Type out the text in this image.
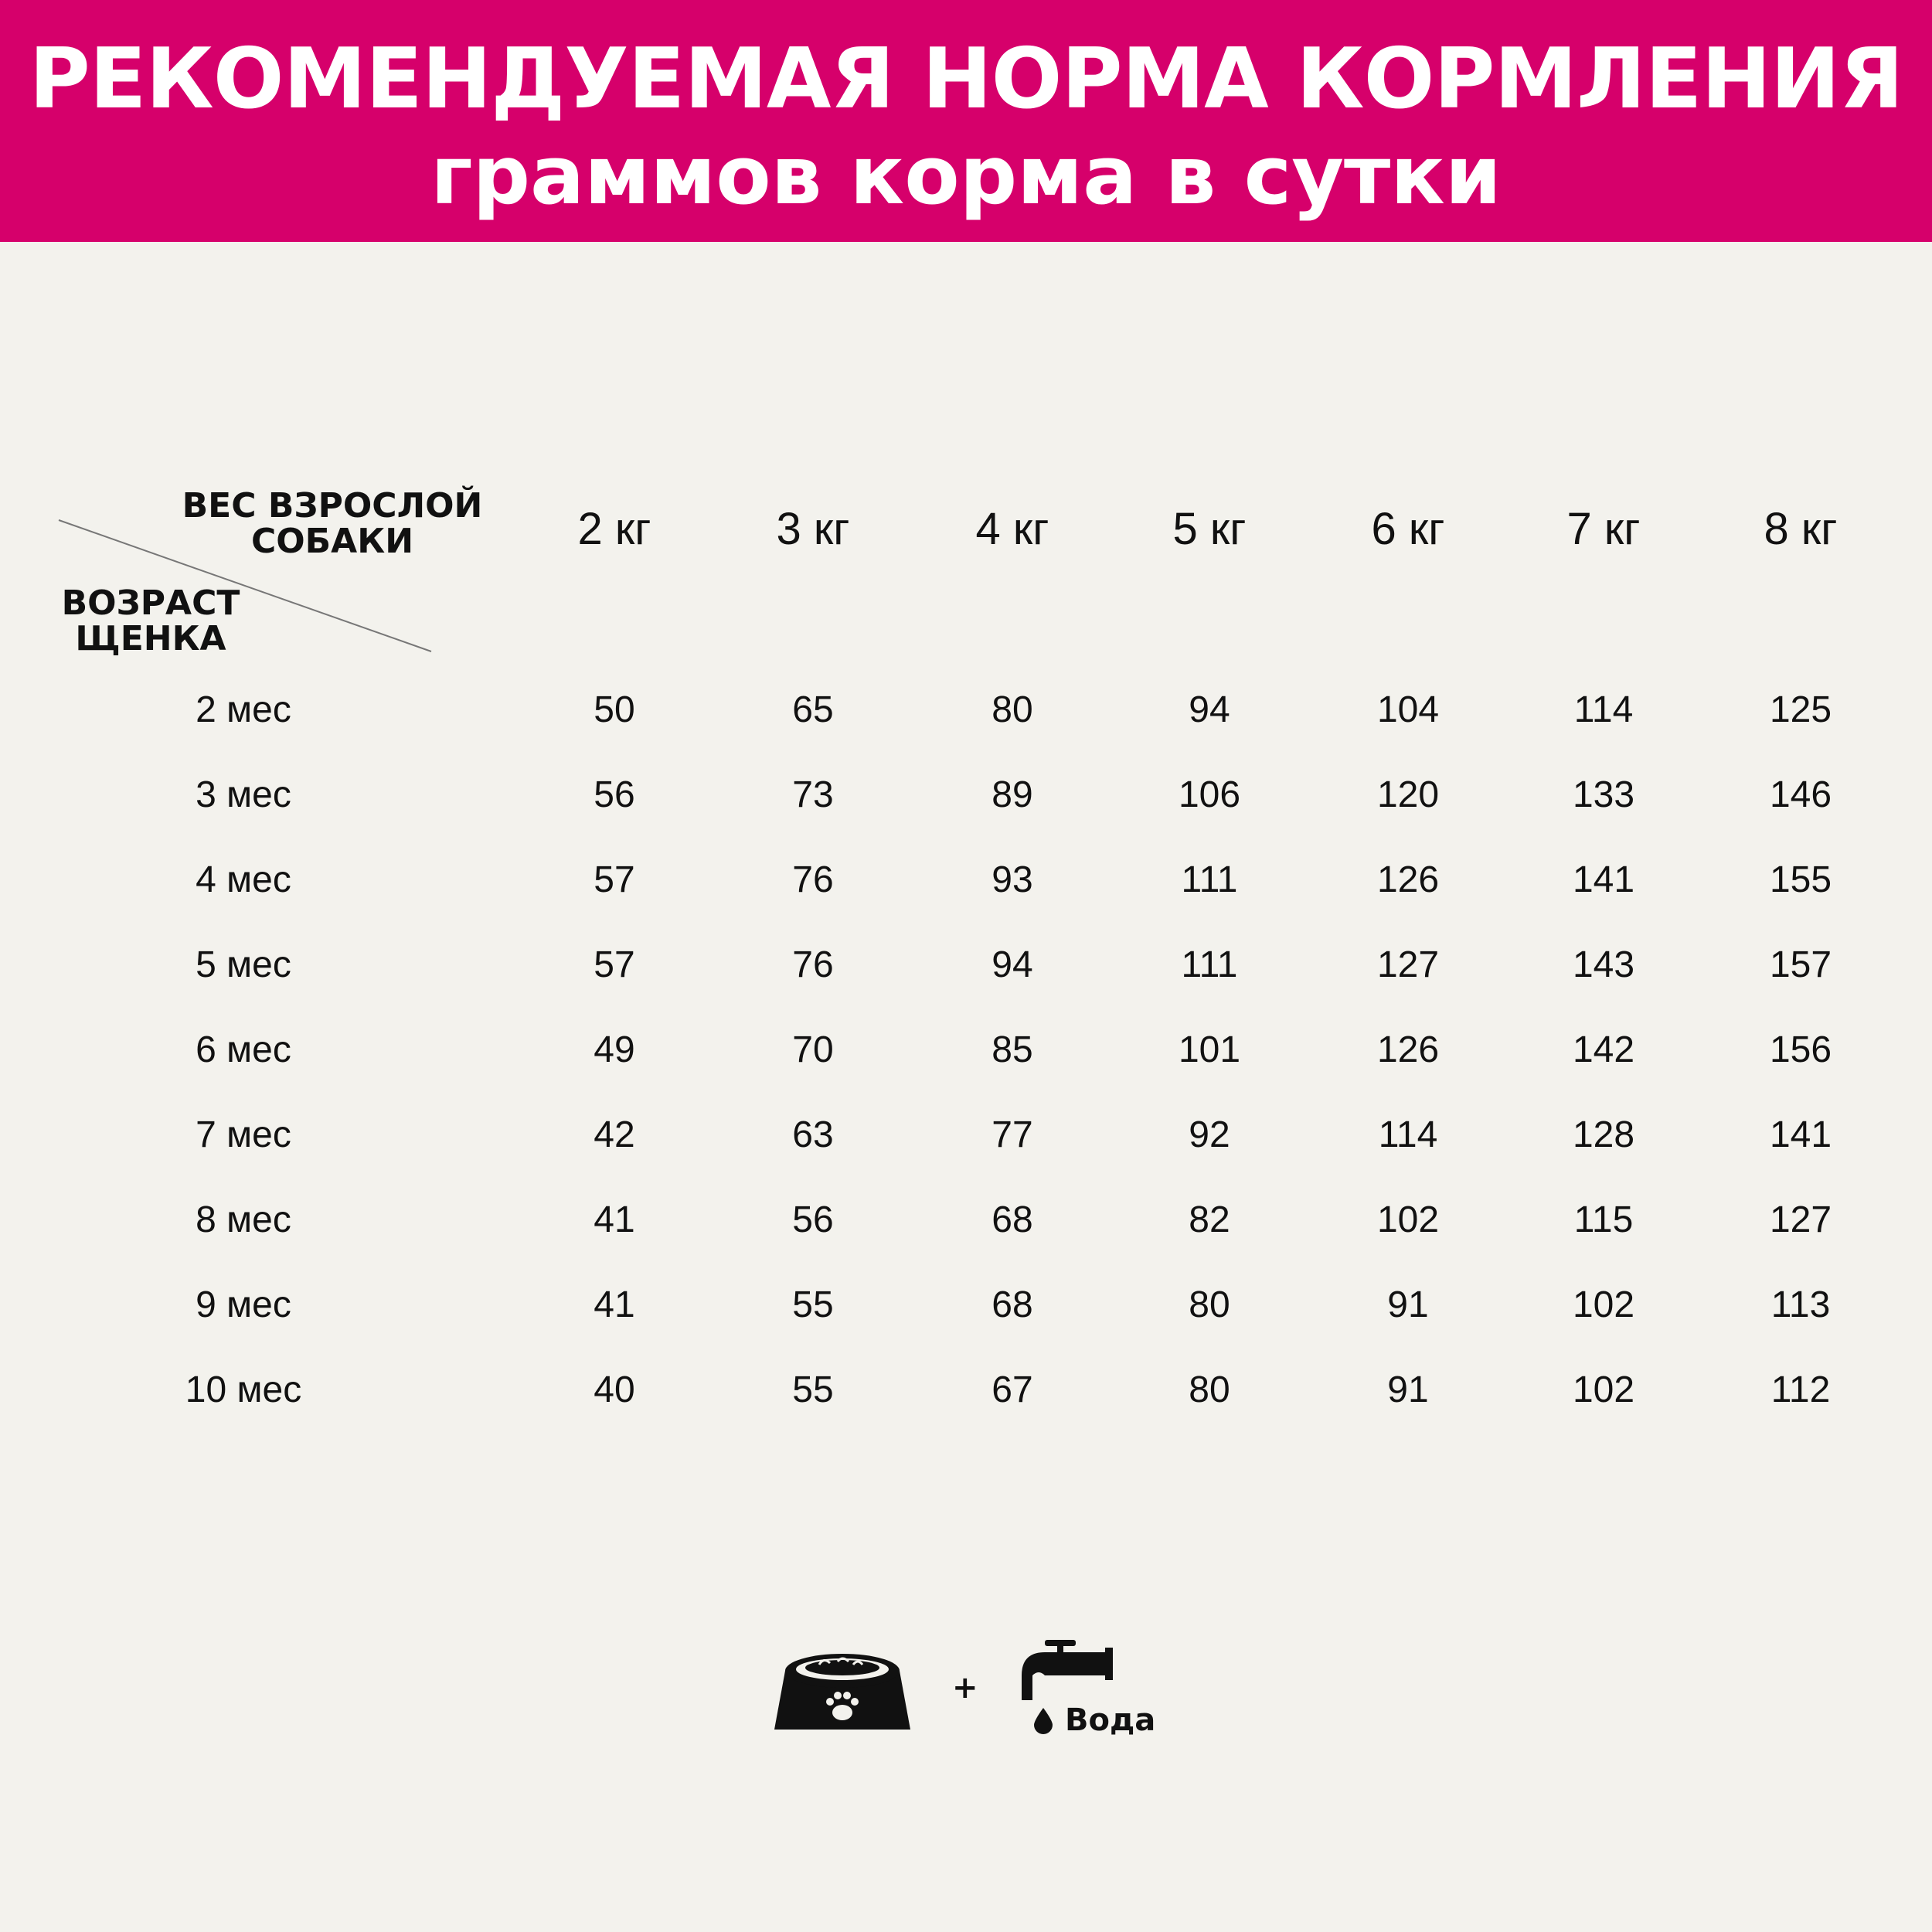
РЕКОМЕНДУЕМАЯ НОРМА КОРМЛЕНИЯ
граммов корма в сутки
ВЕС ВЗРОСЛОЙ
СОБАКИ
ВОЗРАСТ
ЩЕНКА
2 кг	3 кг	4 кг	5 кг	6 кг	7 кг	8 кг
2 мес	50	65	80	94	104	114	125
3 мес	56	73	89	106	120	133	146
4 мес	57	76	93	111	126	141	155
5 мес	57	76	94	111	127	143	157
6 мес	49	70	85	101	126	142	156
7 мес	42	63	77	92	114	128	141
8 мес	41	56	68	82	102	115	127
9 мес	41	55	68	80	91	102	113
10 мес	40	55	67	80	91	102	112
+
Вода
